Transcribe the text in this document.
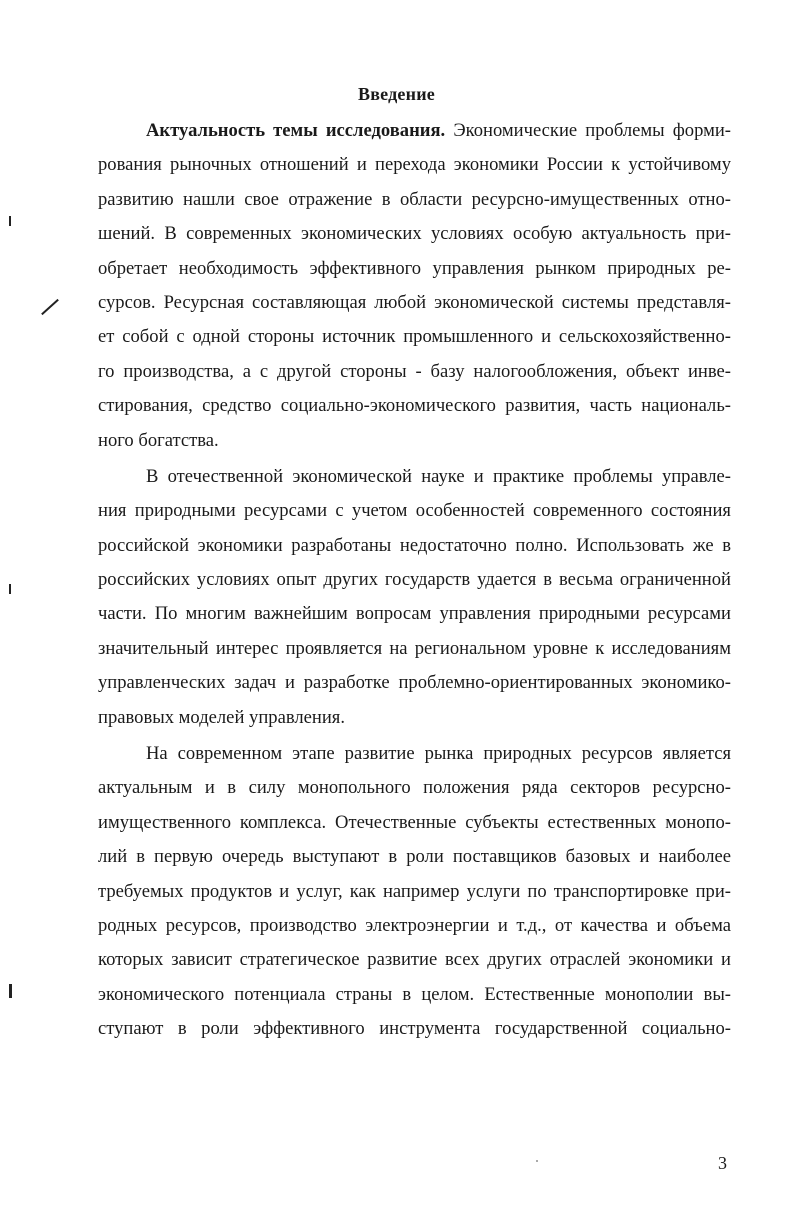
Введение
Актуальность темы исследования. Экономические проблемы форми-
рования рыночных отношений и перехода экономики России к устойчивому
развитию нашли свое отражение в области ресурсно-имущественных отно-
шений. В современных экономических условиях особую актуальность при-
обретает необходимость эффективного управления рынком природных ре-
сурсов. Ресурсная составляющая любой экономической системы представля-
ет собой с одной стороны источник промышленного и сельскохозяйственно-
го производства, а с другой стороны - базу налогообложения, объект инве-
стирования, средство социально-экономического развития, часть националь-
ного богатства.
В отечественной экономической науке и практике проблемы управле-
ния природными ресурсами с учетом особенностей современного состояния
российской экономики разработаны недостаточно полно. Использовать же в
российских условиях опыт других государств удается в весьма ограниченной
части. По многим важнейшим вопросам управления природными ресурсами
значительный интерес проявляется на региональном уровне к исследованиям
управленческих задач и разработке проблемно-ориентированных экономико-
правовых моделей управления.
На современном этапе развитие рынка природных ресурсов является
актуальным и в силу монопольного положения ряда секторов ресурсно-
имущественного комплекса. Отечественные субъекты естественных монопо-
лий в первую очередь выступают в роли поставщиков базовых и наиболее
требуемых продуктов и услуг, как например услуги по транспортировке при-
родных ресурсов, производство электроэнергии и т.д., от качества и объема
которых зависит стратегическое развитие всех других отраслей экономики и
экономического потенциала страны в целом. Естественные монополии вы-
ступают в роли эффективного инструмента государственной социально-
3
